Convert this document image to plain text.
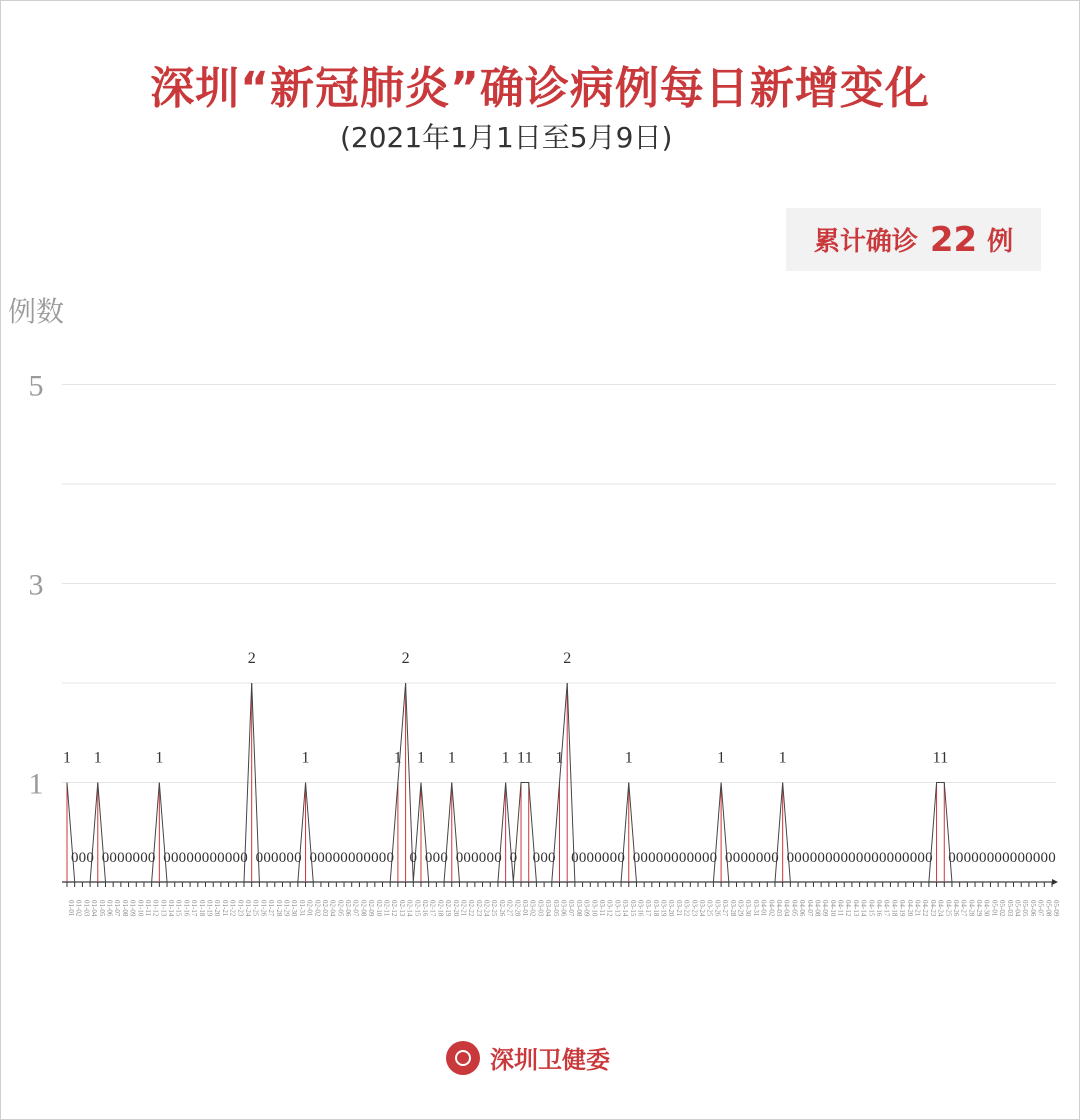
深圳“新冠肺炎”确诊病例每日新增变化
(2021年1月1日至5月9日)
累计确诊 22 例
例数
1
3
5
01-01 01-02 01-03 01-04 01-05 01-06 01-07 01-08 01-09 01-10 01-11 01-12 01-13 01-14 01-15 01-16 01-17 01-18 01-19 01-20 01-21 01-22 01-23 01-24 01-25 01-26 01-27 01-28 01-29 01-30 01-31 02-01 02-02 02-03 02-04 02-05 02-06 02-07 02-08 02-09 02-10 02-11 02-12 02-13 02-14 02-15 02-16 02-17 02-18 02-19 02-20 02-21 02-22 02-23 02-24 02-25 02-26 02-27 02-28 03-01 03-02 03-03 03-04 03-05 03-06 03-07 03-08 03-09 03-10 03-11 03-12 03-13 03-14 03-15 03-16 03-17 03-18 03-19 03-20 03-21 03-22 03-23 03-24 03-25 03-26 03-27 03-28 03-29 03-30 03-31 04-01 04-02 04-03 04-04 04-05 04-06 04-07 04-08 04-09 04-10 04-11 04-12 04-13 04-14 04-15 04-16 04-17 04-18 04-19 04-20 04-21 04-22 04-23 04-24 04-25 04-26 04-27 04-28 04-29 04-30 05-01 05-02 05-03 05-04 05-05 05-06 05-07 05-08 05-09
1
0 0 0
1
0 0 0 0 0 0 0
1
0 0 0 0 0 0 0 0 0 0 0
2
0 0 0 0 0 0
1
0 0 0 0 0 0 0 0 0 0 0
1
2
0
1
0 0 0
1
0 0 0 0 0 0
1
0
1 1
0 0 0
1
2
0 0 0 0 0 0 0
1
0 0 0 0 0 0 0 0 0 0 0
1
0 0 0 0 0 0 0
1
0 0 0 0 0 0 0 0 0 0 0 0 0 0 0 0 0 0 0
1 1
0 0 0 0 0 0 0 0 0 0 0 0 0 0
深圳卫健委
